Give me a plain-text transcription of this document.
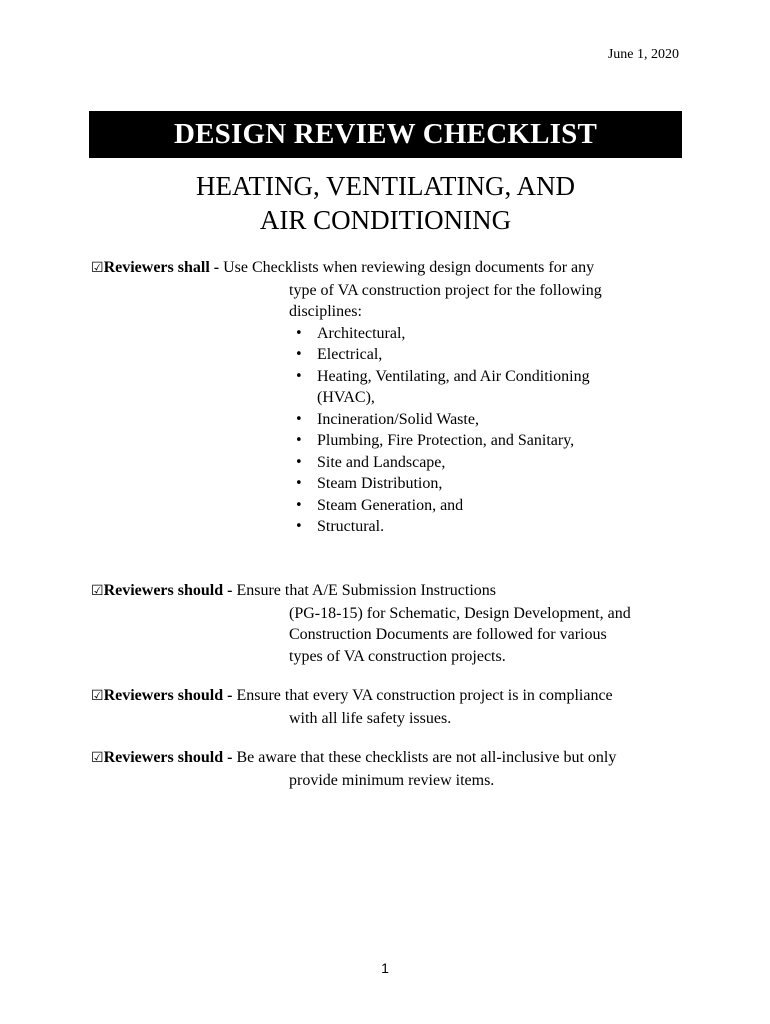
June 1, 2020
DESIGN REVIEW CHECKLIST
HEATING, VENTILATING, AND
AIR CONDITIONING
☑Reviewers shall - Use Checklists when reviewing design documents for any
type of VA construction project for the following
disciplines:
• Architectural,
• Electrical,
• Heating, Ventilating, and Air Conditioning
(HVAC),
• Incineration/Solid Waste,
• Plumbing, Fire Protection, and Sanitary,
• Site and Landscape,
• Steam Distribution,
• Steam Generation, and
• Structural.
☑Reviewers should - Ensure that A/E Submission Instructions
(PG-18-15) for Schematic, Design Development, and
Construction Documents are followed for various
types of VA construction projects.
☑Reviewers should - Ensure that every VA construction project is in compliance
with all life safety issues.
☑Reviewers should - Be aware that these checklists are not all-inclusive but only
provide minimum review items.
1
